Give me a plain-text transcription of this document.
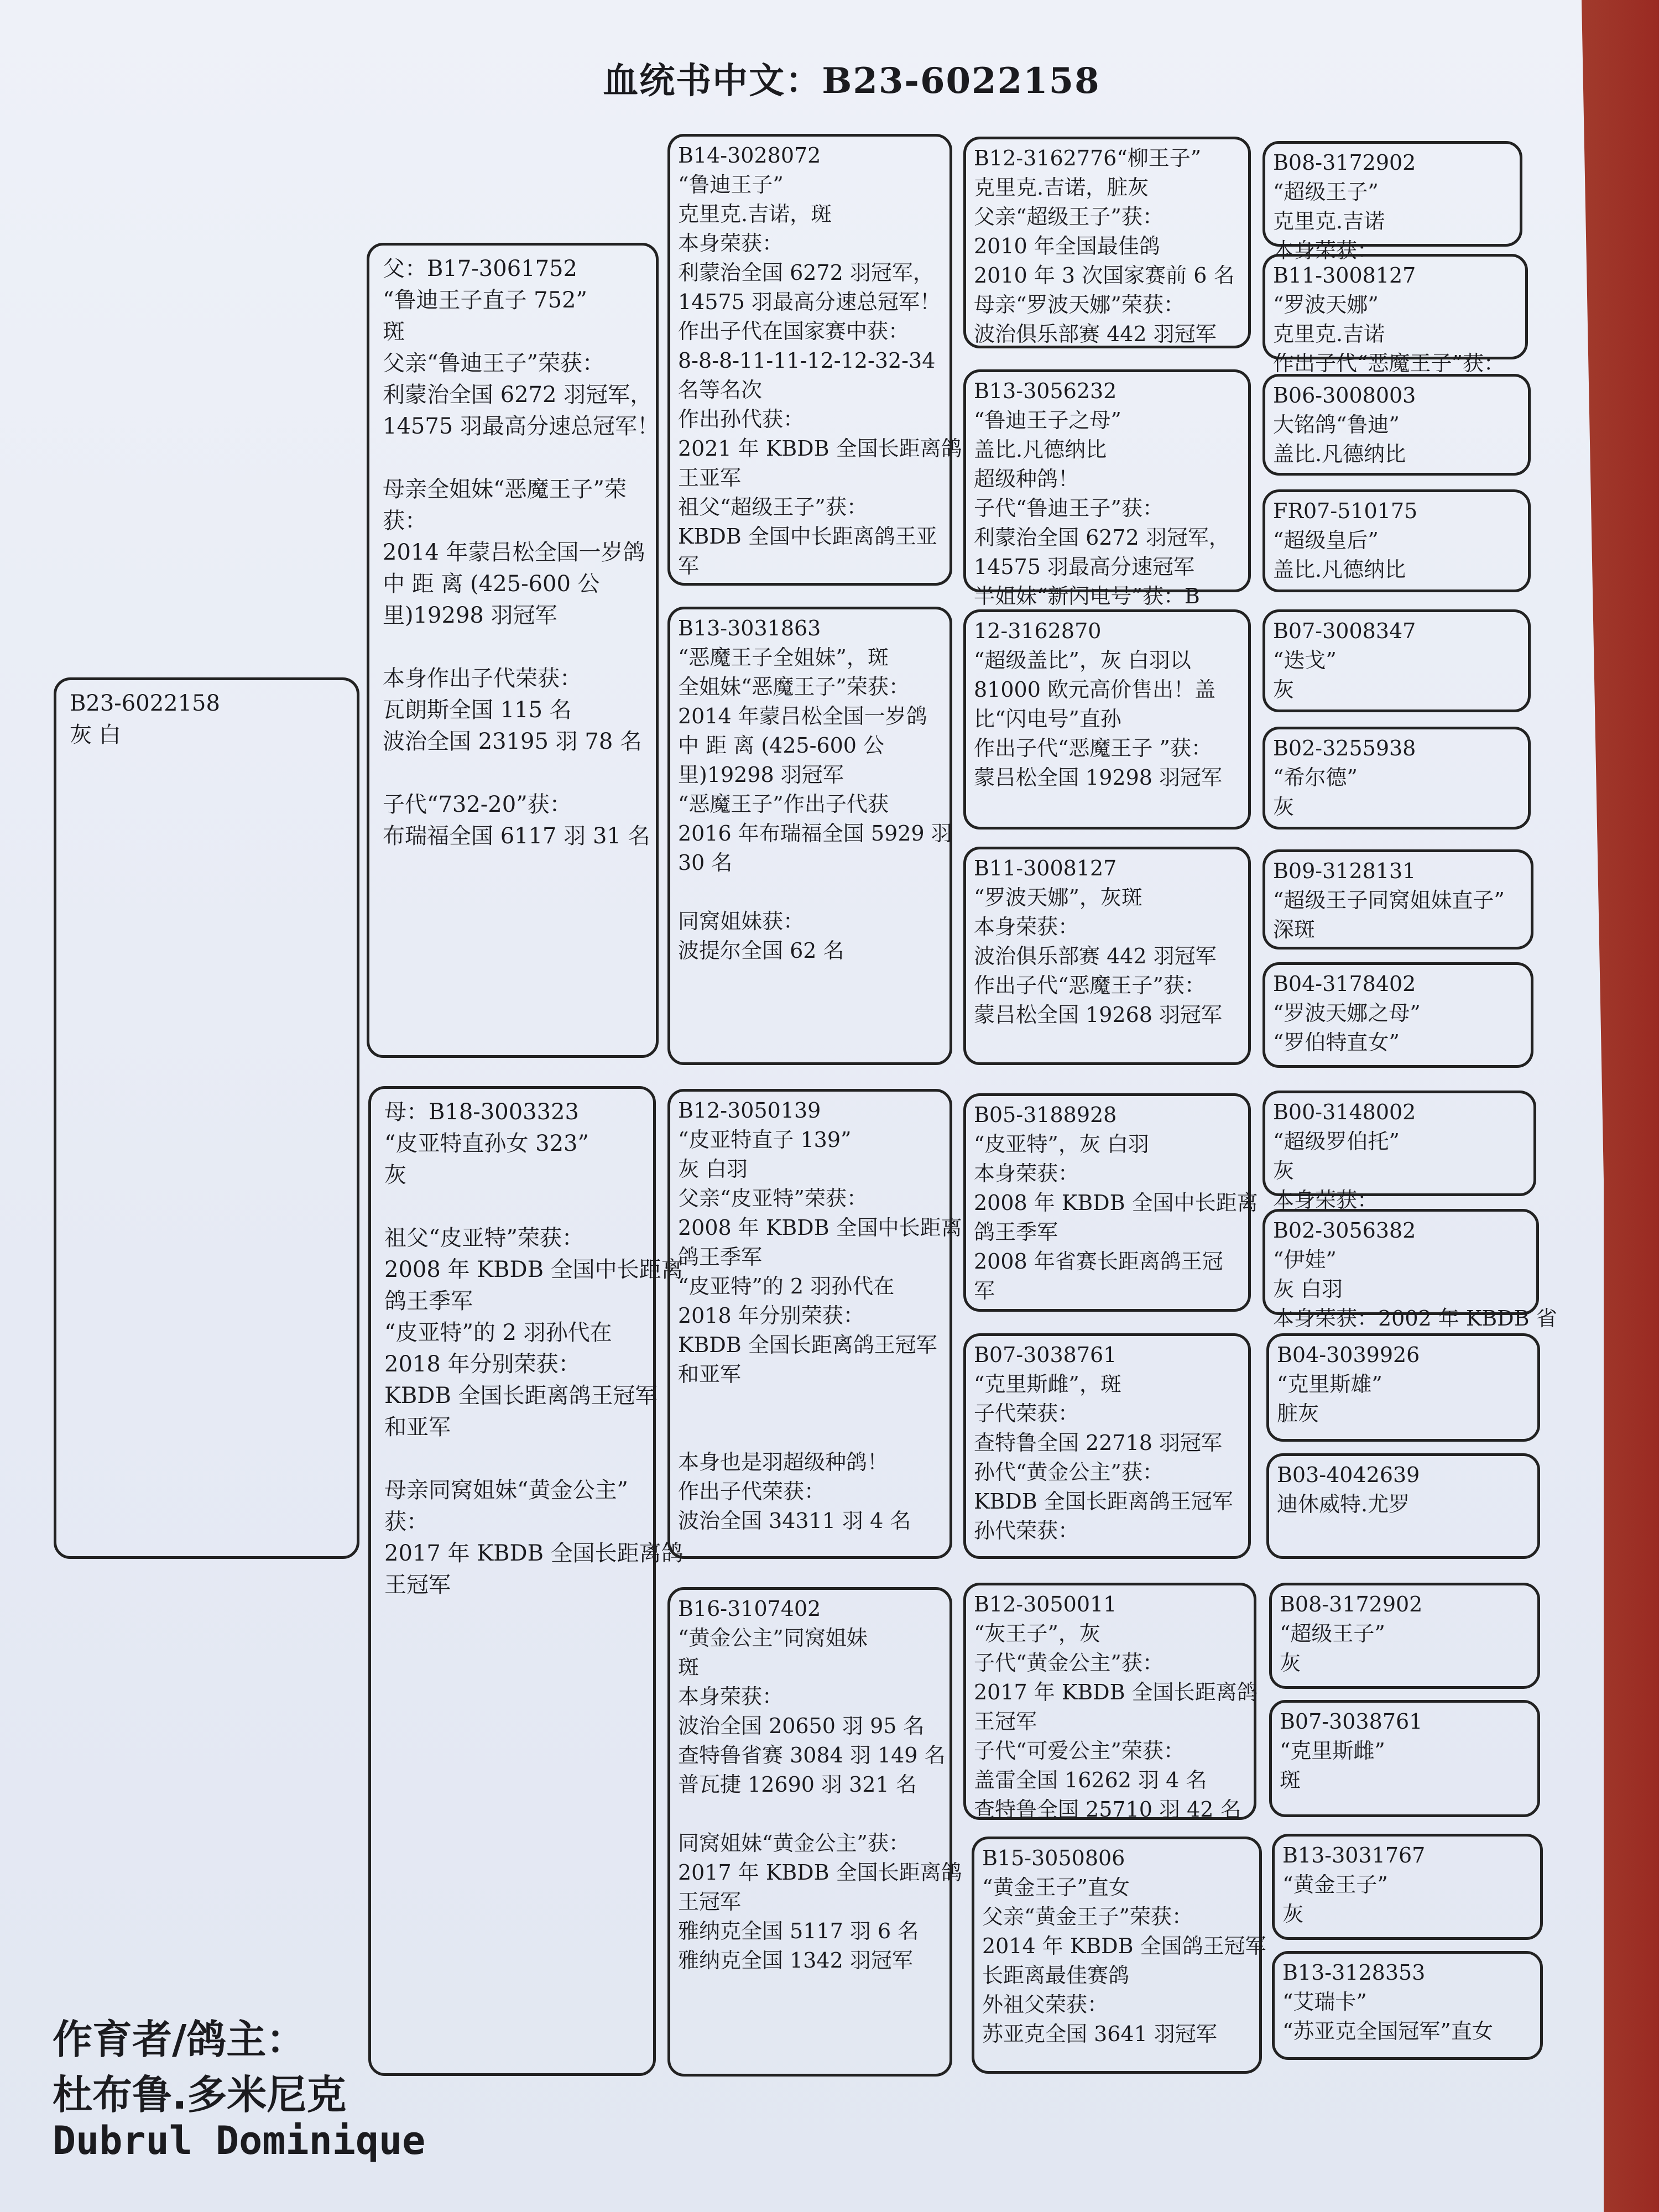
血统书中文：B23-6022158
B23-6022158
灰 白
父：B17-3061752
“鲁迪王子直子 752”
斑
父亲“鲁迪王子”荣获：
利蒙治全国 6272 羽冠军，
14575 羽最高分速总冠军！
母亲全姐妹“恶魔王子”荣
获：
2014 年蒙吕松全国一岁鸽
中 距 离 (425-600 公
里)19298 羽冠军
本身作出子代荣获：
瓦朗斯全国 115 名
波治全国 23195 羽 78 名
子代“732-20”获：
布瑞福全国 6117 羽 31 名
母：B18-3003323
“皮亚特直孙女 323”
灰
祖父“皮亚特”荣获：
2008 年 KBDB 全国中长距离
鸽王季军
“皮亚特”的 2 羽孙代在
2018 年分别荣获：
KBDB 全国长距离鸽王冠军
和亚军
母亲同窝姐妹“黄金公主”
获：
2017 年 KBDB 全国长距离鸽
王冠军
B14-3028072
“鲁迪王子”
克里克.吉诺，斑
本身荣获：
利蒙治全国 6272 羽冠军，
14575 羽最高分速总冠军！
作出子代在国家赛中获：
8-8-8-11-11-12-12-32-34
名等名次
作出孙代获：
2021 年 KBDB 全国长距离鸽
王亚军
祖父“超级王子”获：
KBDB 全国中长距离鸽王亚
军
B13-3031863
“恶魔王子全姐妹”，斑
全姐妹“恶魔王子”荣获：
2014 年蒙吕松全国一岁鸽
中 距 离 (425-600 公
里)19298 羽冠军
“恶魔王子”作出子代获
2016 年布瑞福全国 5929 羽
30 名
同窝姐妹获：
波提尔全国 62 名
B12-3050139
“皮亚特直子 139”
灰 白羽
父亲“皮亚特”荣获：
2008 年 KBDB 全国中长距离
鸽王季军
“皮亚特”的 2 羽孙代在
2018 年分别荣获：
KBDB 全国长距离鸽王冠军
和亚军
本身也是羽超级种鸽！
作出子代荣获：
波治全国 34311 羽 4 名
B16-3107402
“黄金公主”同窝姐妹
斑
本身荣获：
波治全国 20650 羽 95 名
查特鲁省赛 3084 羽 149 名
普瓦捷 12690 羽 321 名
同窝姐妹“黄金公主”获：
2017 年 KBDB 全国长距离鸽
王冠军
雅纳克全国 5117 羽 6 名
雅纳克全国 1342 羽冠军
B12-3162776“柳王子”
克里克.吉诺，脏灰
父亲“超级王子”获：
2010 年全国最佳鸽
2010 年 3 次国家赛前 6 名
母亲“罗波天娜”荣获：
波治俱乐部赛 442 羽冠军
B13-3056232
“鲁迪王子之母”
盖比.凡德纳比
超级种鸽！
子代“鲁迪王子”获：
利蒙治全国 6272 羽冠军，
14575 羽最高分速冠军
半姐妹“新闪电号”获：B
12-3162870
“超级盖比”，灰 白羽以
81000 欧元高价售出！盖
比“闪电号”直孙
作出子代“恶魔王子 ”获：
蒙吕松全国 19298 羽冠军
B11-3008127
“罗波天娜”，灰斑
本身荣获：
波治俱乐部赛 442 羽冠军
作出子代“恶魔王子”获：
蒙吕松全国 19268 羽冠军
B05-3188928
“皮亚特”，灰 白羽
本身荣获：
2008 年 KBDB 全国中长距离
鸽王季军
2008 年省赛长距离鸽王冠
军
B07-3038761
“克里斯雌”，斑
子代荣获：
查特鲁全国 22718 羽冠军
孙代“黄金公主”获：
KBDB 全国长距离鸽王冠军
孙代荣获：
B12-3050011
“灰王子”，灰
子代“黄金公主”获：
2017 年 KBDB 全国长距离鸽
王冠军
子代“可爱公主”荣获：
盖雷全国 16262 羽 4 名
查特鲁全国 25710 羽 42 名
B15-3050806
“黄金王子”直女
父亲“黄金王子”荣获：
2014 年 KBDB 全国鸽王冠军
长距离最佳赛鸽
外祖父荣获：
苏亚克全国 3641 羽冠军
B08-3172902
“超级王子”
克里克.吉诺
本身荣获：
B11-3008127
“罗波天娜”
克里克.吉诺
作出子代“恶魔王子”获：
B06-3008003
大铭鸽“鲁迪”
盖比.凡德纳比
FR07-510175
“超级皇后”
盖比.凡德纳比
B07-3008347
“迭戈”
灰
B02-3255938
“希尔德”
灰
B09-3128131
“超级王子同窝姐妹直子”
深斑
B04-3178402
“罗波天娜之母”
“罗伯特直女”
B00-3148002
“超级罗伯托”
灰
本身荣获：
B02-3056382
“伊娃”
灰 白羽
本身荣获：2002 年 KBDB 省
B04-3039926
“克里斯雄”
脏灰
B03-4042639
迪休威特.尤罗
B08-3172902
“超级王子”
灰
B07-3038761
“克里斯雌”
斑
B13-3031767
“黄金王子”
灰
B13-3128353
“艾瑞卡”
“苏亚克全国冠军”直女
作育者/鸽主：
杜布鲁.多米尼克
Dubrul Dominique
